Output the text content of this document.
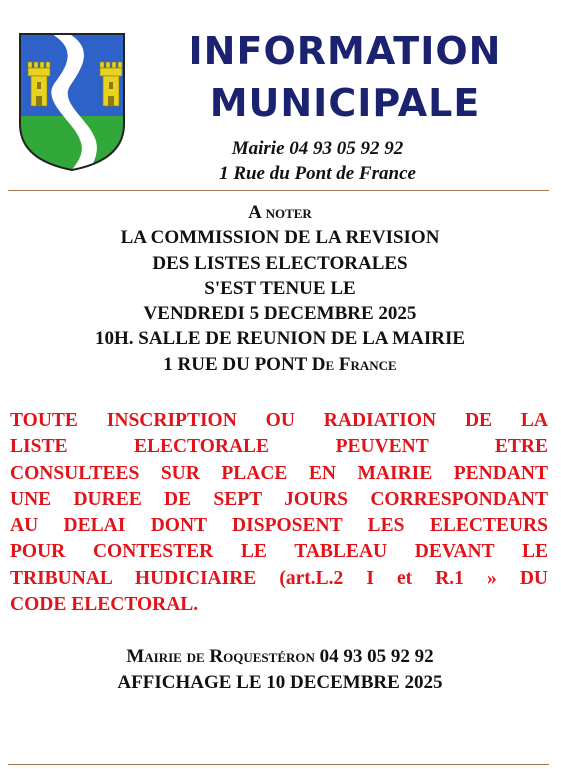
INFORMATION
MUNICIPALE
Mairie 04 93 05 92 92
1 Rue du Pont de France
A noter
LA COMMISSION DE LA REVISION
DES LISTES ELECTORALES
S'EST TENUE LE
VENDREDI 5 DECEMBRE 2025
10H. SALLE DE REUNION DE LA MAIRIE
1 RUE DU PONT De France
TOUTE INSCRIPTION OU RADIATION DE LA
LISTE ELECTORALE PEUVENT ETRE
CONSULTEES SUR PLACE EN MAIRIE PENDANT
UNE DUREE DE SEPT JOURS CORRESPONDANT
AU DELAI DONT DISPOSENT LES ELECTEURS
POUR CONTESTER LE TABLEAU DEVANT LE
TRIBUNAL HUDICIAIRE (art.L.2 I et R.1 » DU
CODE ELECTORAL.
Mairie de Roquestéron 04 93 05 92 92
AFFICHAGE LE 10 DECEMBRE 2025
